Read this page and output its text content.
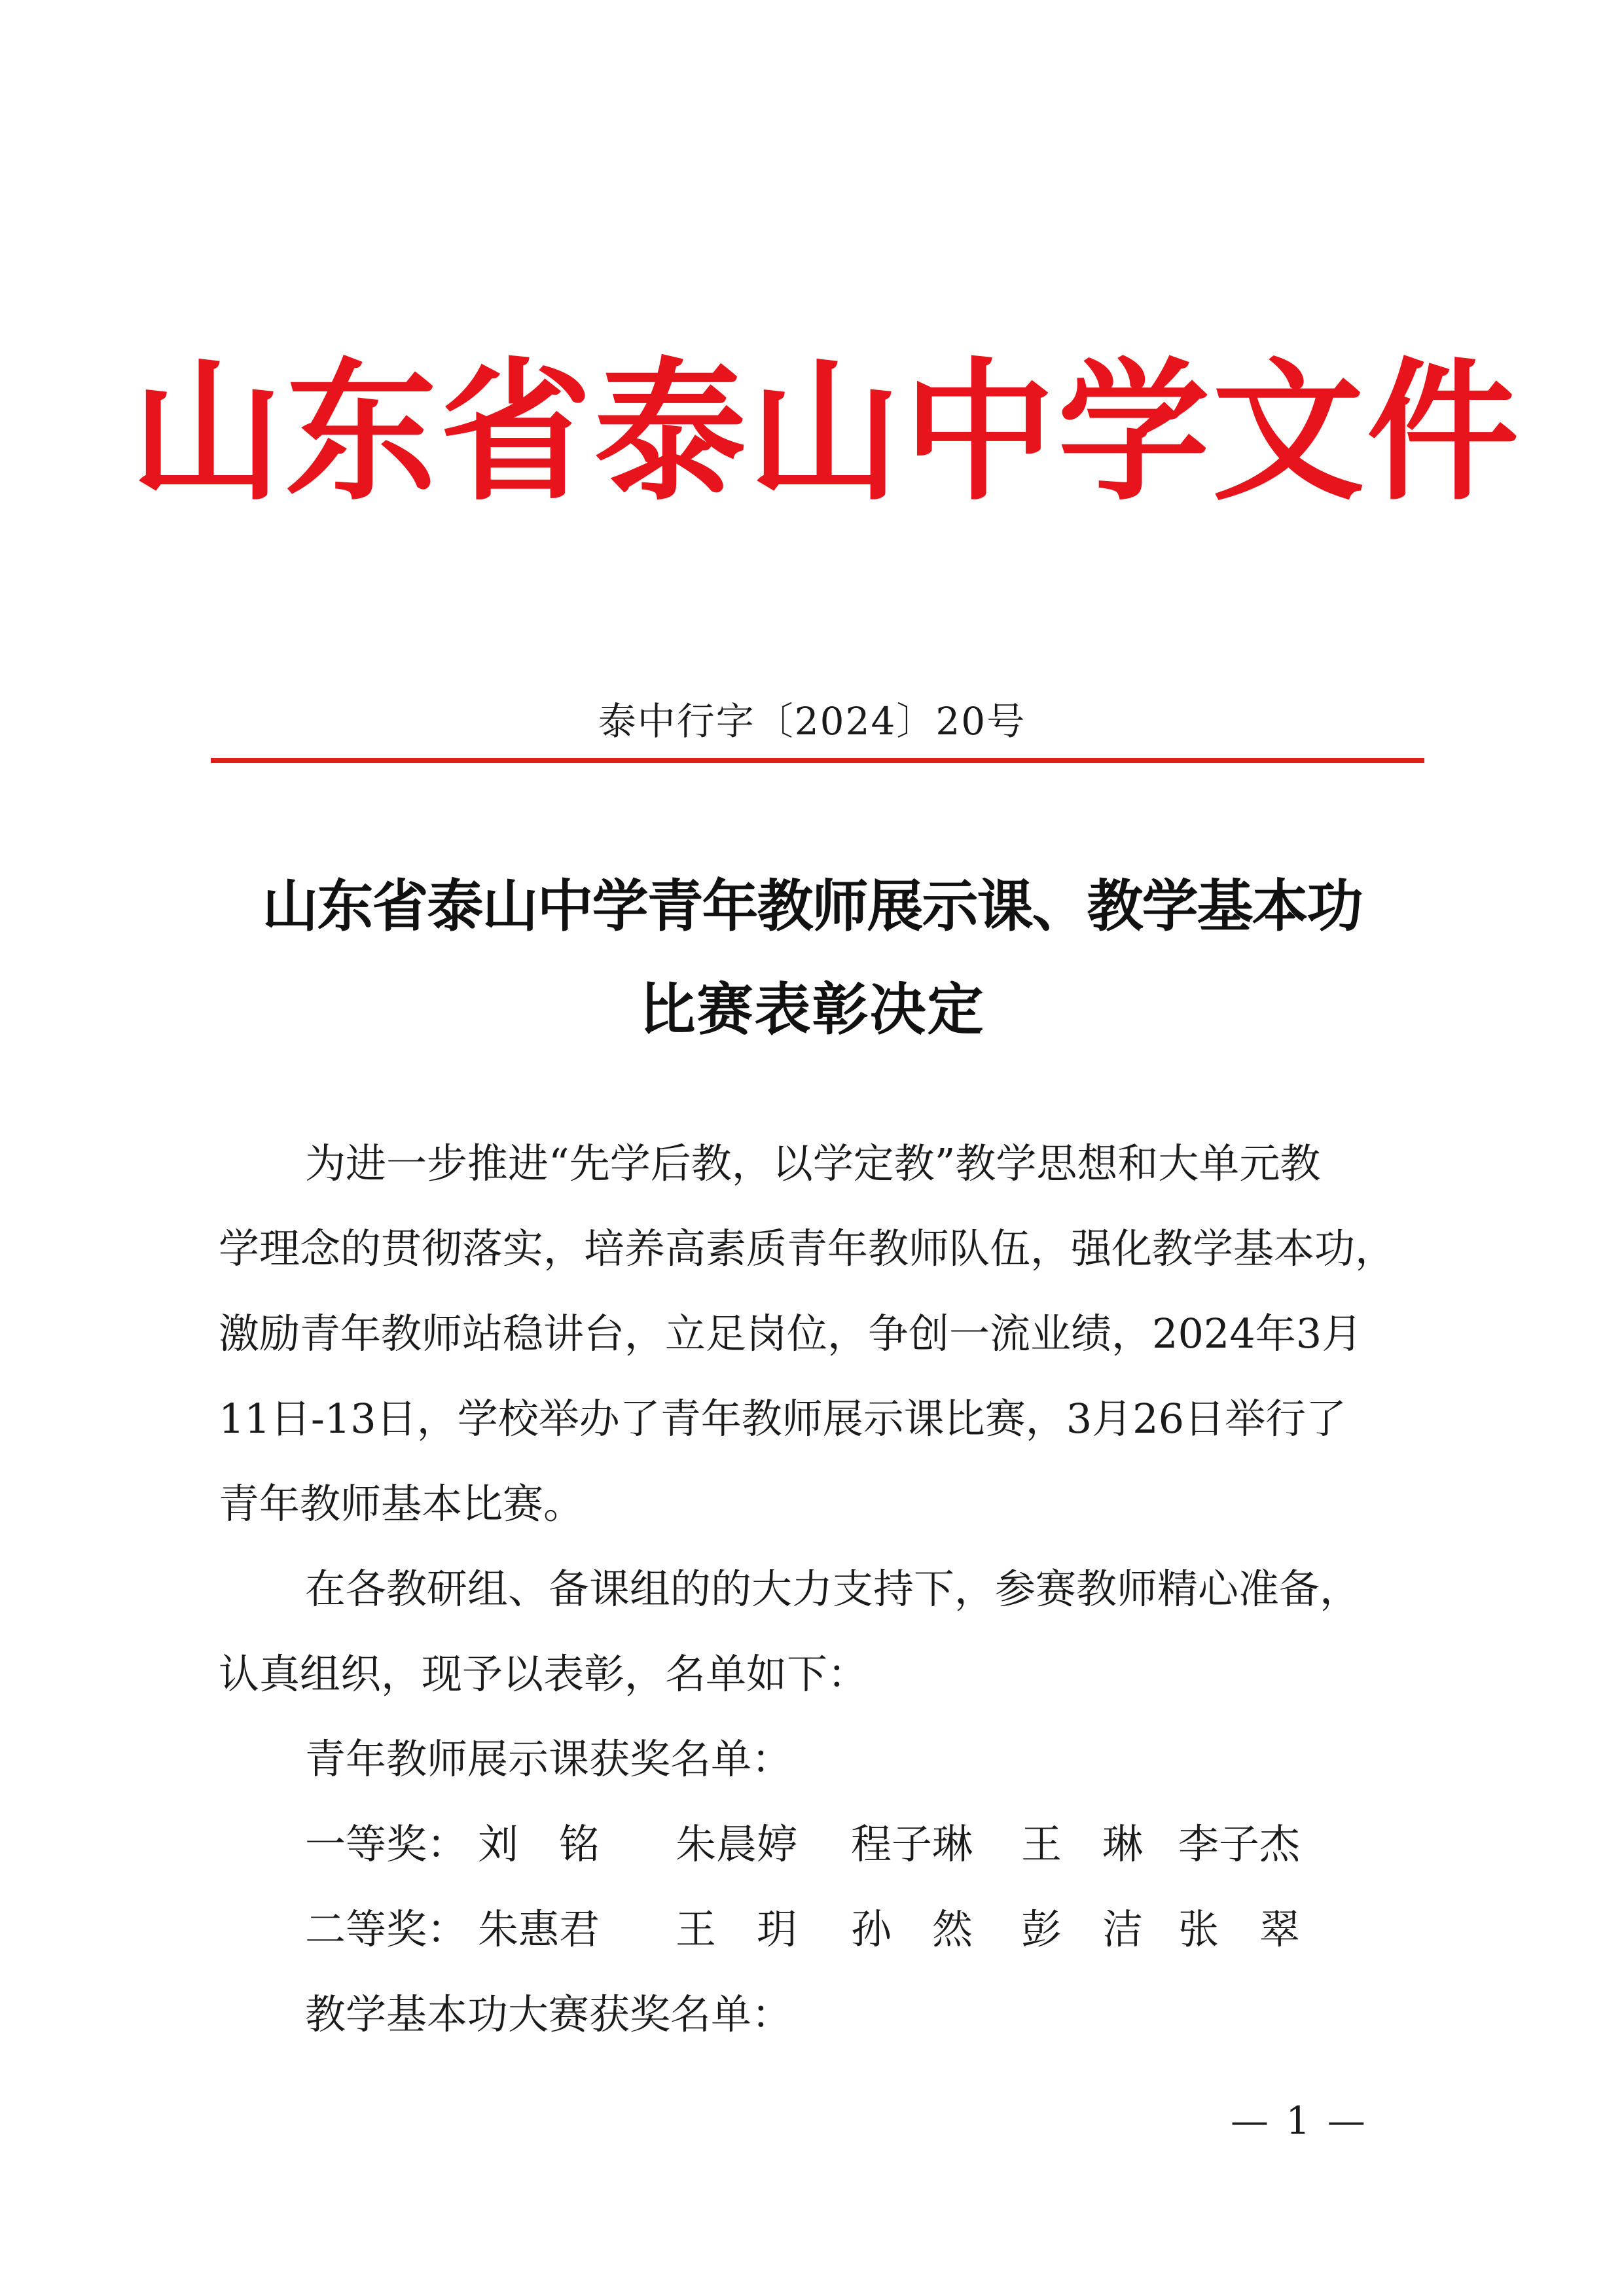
山东省泰山中学文件
泰中行字〔2024〕20号
山东省泰山中学青年教师展示课、教学基本功
比赛表彰决定
为进一步推进“先学后教，以学定教”教学思想和大单元教
学理念的贯彻落实，培养高素质青年教师队伍，强化教学基本功，
激励青年教师站稳讲台，立足岗位，争创一流业绩，2024年3月
11日-13日，学校举办了青年教师展示课比赛，3月26日举行了
青年教师基本比赛。
在各教研组、备课组的的大力支持下，参赛教师精心准备，
认真组织，现予以表彰，名单如下：
青年教师展示课获奖名单：
一等奖： 刘　铭 朱晨婷 程子琳 王　琳 李子杰
二等奖： 朱惠君 王　玥 孙　然 彭　洁 张　翠
教学基本功大赛获奖名单：
— 1 —
